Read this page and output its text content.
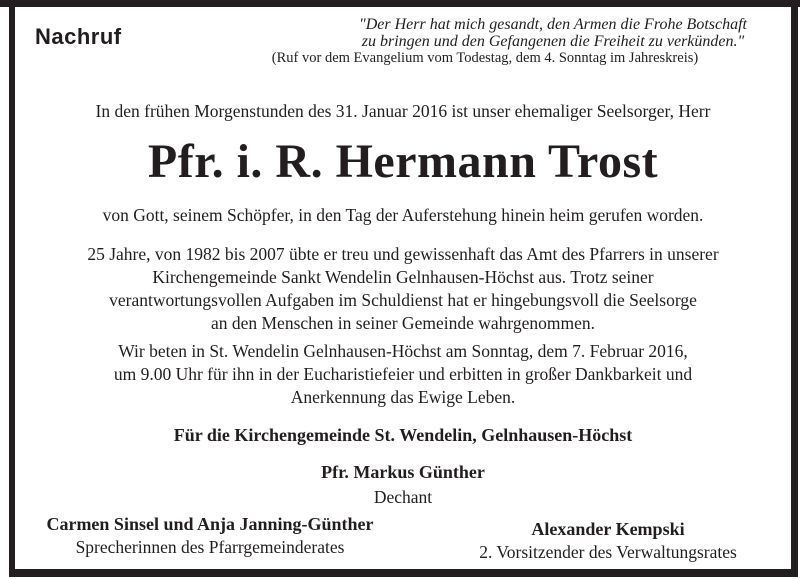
Nachruf	"Der Herr hat mich gesandt, den Armen die Frohe Botschaft
zu bringen und den Gefangenen die Freiheit zu verkünden."
(Ruf vor dem Evangelium vom Todestag, dem 4. Sonntag im Jahreskreis)
In den frühen Morgenstunden des 31. Januar 2016 ist unser ehemaliger Seelsorger, Herr
Pfr. i. R. Hermann Trost
von Gott, seinem Schöpfer, in den Tag der Auferstehung hinein heim gerufen worden.
25 Jahre, von 1982 bis 2007 übte er treu und gewissenhaft das Amt des Pfarrers in unserer
Kirchengemeinde Sankt Wendelin Gelnhausen-Höchst aus. Trotz seiner
verantwortungsvollen Aufgaben im Schuldienst hat er hingebungsvoll die Seelsorge
an den Menschen in seiner Gemeinde wahrgenommen.
Wir beten in St. Wendelin Gelnhausen-Höchst am Sonntag, dem 7. Februar 2016,
um 9.00 Uhr für ihn in der Eucharistiefeier und erbitten in großer Dankbarkeit und
Anerkennung das Ewige Leben.
Für die Kirchengemeinde St. Wendelin, Gelnhausen-Höchst
Pfr. Markus Günther
Dechant
Carmen Sinsel und Anja Janning-Günther
Sprecherinnen des Pfarrgemeinderates
Alexander Kempski
2. Vorsitzender des Verwaltungsrates
